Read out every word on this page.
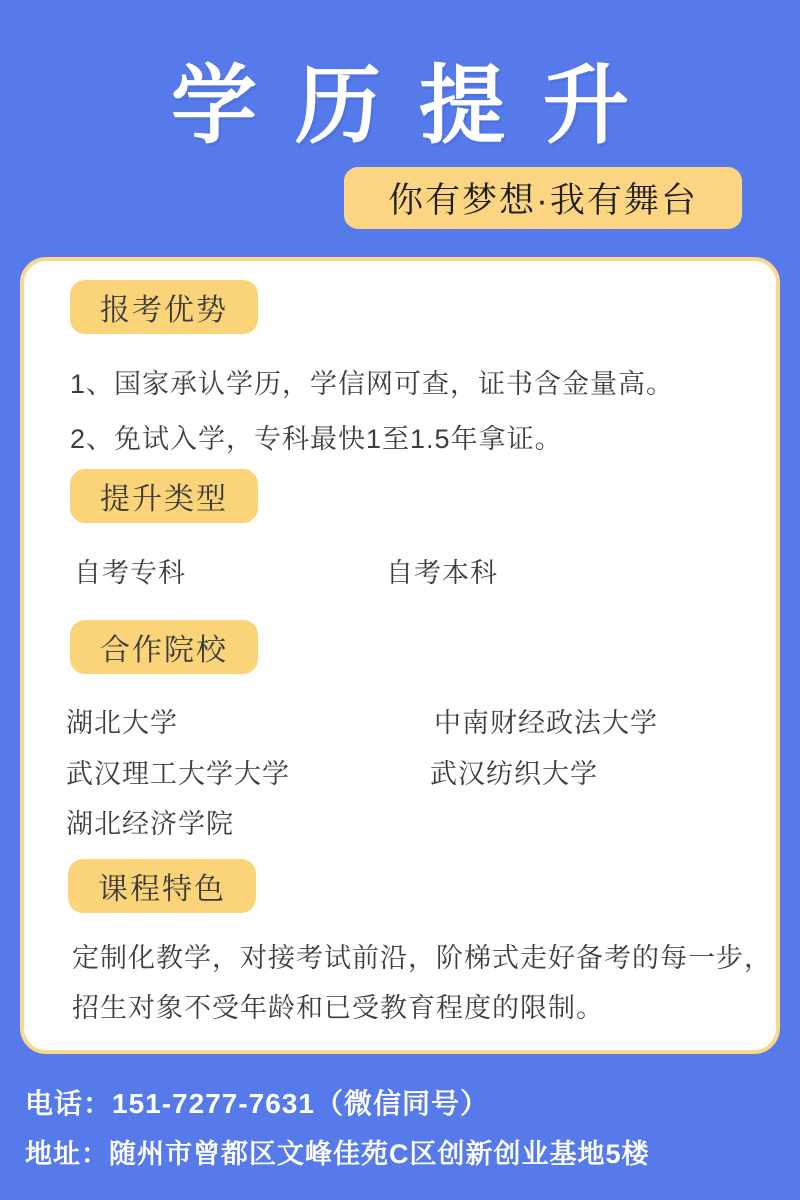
学历提升
你有梦想·我有舞台
报考优势
1、国家承认学历，学信网可查，证书含金量高。
2、免试入学，专科最快1至1.5年拿证。
提升类型
自考专科	自考本科
合作院校
湖北大学	中南财经政法大学
武汉理工大学大学	武汉纺织大学
湖北经济学院
课程特色
定制化教学，对接考试前沿，阶梯式走好备考的每一步，
招生对象不受年龄和已受教育程度的限制。
电话：151-7277-7631（微信同号）
地址：随州市曾都区文峰佳苑C区创新创业基地5楼
